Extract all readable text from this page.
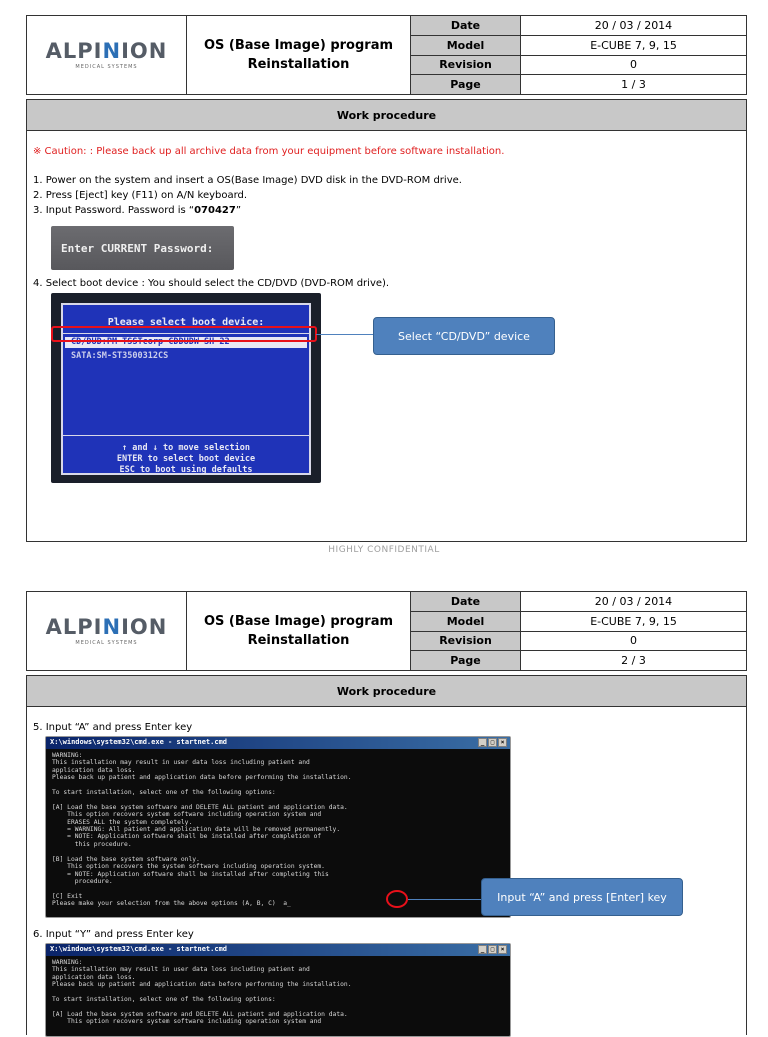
ALPINION
MEDICAL SYSTEMS
OS (Base Image) program
Reinstallation
Date	20 / 03 / 2014
Model	E-CUBE 7, 9, 15
Revision	0
Page	1 / 3
Work procedure
※ Caution: : Please back up all archive data from your equipment before software installation.
1. Power on the system and insert a OS(Base Image) DVD disk in the DVD-ROM drive.
2. Press [Eject] key (F11) on A/N keyboard.
3. Input Password. Password is “070427”
Enter CURRENT Password:
4. Select boot device : You should select the CD/DVD (DVD-ROM drive).
Please select boot device:
CD/DUD:PM-TSSTcorp CDDUDW SH-22
SATA:SM-ST3500312CS
↑ and ↓ to move selection
ENTER to select boot device
ESC to boot using defaults
Select “CD/DVD” device
HIGHLY CONFIDENTIAL
ALPINION
MEDICAL SYSTEMS
OS (Base Image) program
Reinstallation
Date	20 / 03 / 2014
Model	E-CUBE 7, 9, 15
Revision	0
Page	2 / 3
Work procedure
5. Input “A” and press Enter key
X:\windows\system32\cmd.exe - startnet.cmd	_	□	×
WARNING:
This installation may result in user data loss including patient and
application data loss.
Please back up patient and application data before performing the installation.

To start installation, select one of the following options:

[A] Load the base system software and DELETE ALL patient and application data.
This option recovers system software including operation system and
ERASES ALL the system completely.
= WARNING: All patient and application data will be removed permanently.
= NOTE: Application software shall be installed after completion of
this procedure.

[B] Load the base system software only.
This option recovers the system software including operation system.
= NOTE: Application software shall be installed after completing this
procedure.

[C] Exit
Please make your selection from the above options (A, B, C)  a_
Input “A” and press [Enter] key
6. Input “Y” and press Enter key
X:\windows\system32\cmd.exe - startnet.cmd	_	□	×
WARNING:
This installation may result in user data loss including patient and
application data loss.
Please back up patient and application data before performing the installation.

To start installation, select one of the following options:

[A] Load the base system software and DELETE ALL patient and application data.
This option recovers system software including operation system and
